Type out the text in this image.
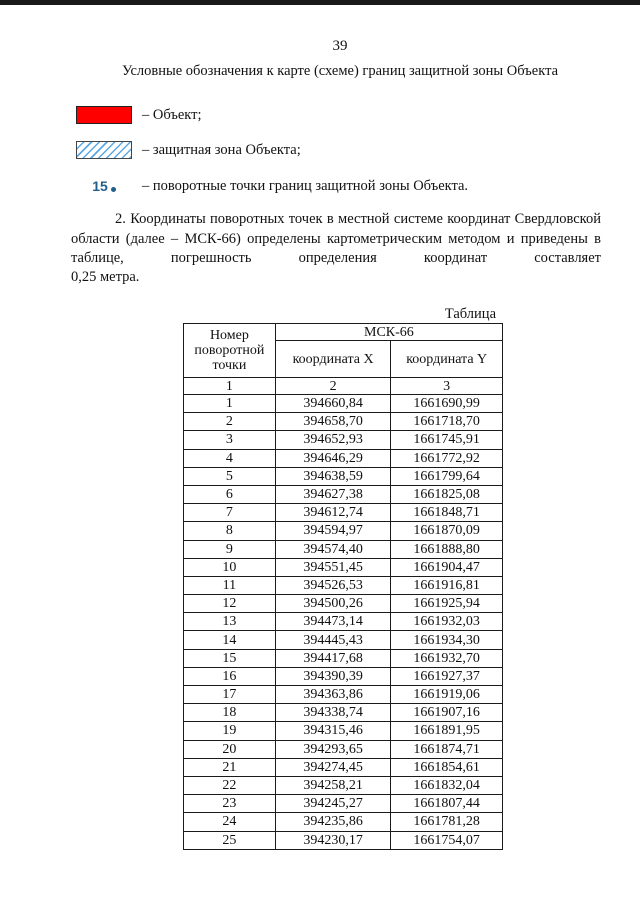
39
Условные обозначения к карте (схеме) границ защитной зоны Объекта
– Объект;
– защитная зона Объекта;
15 – поворотные точки границ защитной зоны Объекта.
2. Координаты поворотных точек в местной системе координат Свердловской области (далее – МСК-66) определены картометрическим методом и приведены в таблице, погрешность определения координат составляет
0,25 метра.
Таблица
Номер поворотной точки	МСК-66	
	координата X	координата Y
1	2	3
1	394660,84	1661690,99
2	394658,70	1661718,70
3	394652,93	1661745,91
4	394646,29	1661772,92
5	394638,59	1661799,64
6	394627,38	1661825,08
7	394612,74	1661848,71
8	394594,97	1661870,09
9	394574,40	1661888,80
10	394551,45	1661904,47
11	394526,53	1661916,81
12	394500,26	1661925,94
13	394473,14	1661932,03
14	394445,43	1661934,30
15	394417,68	1661932,70
16	394390,39	1661927,37
17	394363,86	1661919,06
18	394338,74	1661907,16
19	394315,46	1661891,95
20	394293,65	1661874,71
21	394274,45	1661854,61
22	394258,21	1661832,04
23	394245,27	1661807,44
24	394235,86	1661781,28
25	394230,17	1661754,07
